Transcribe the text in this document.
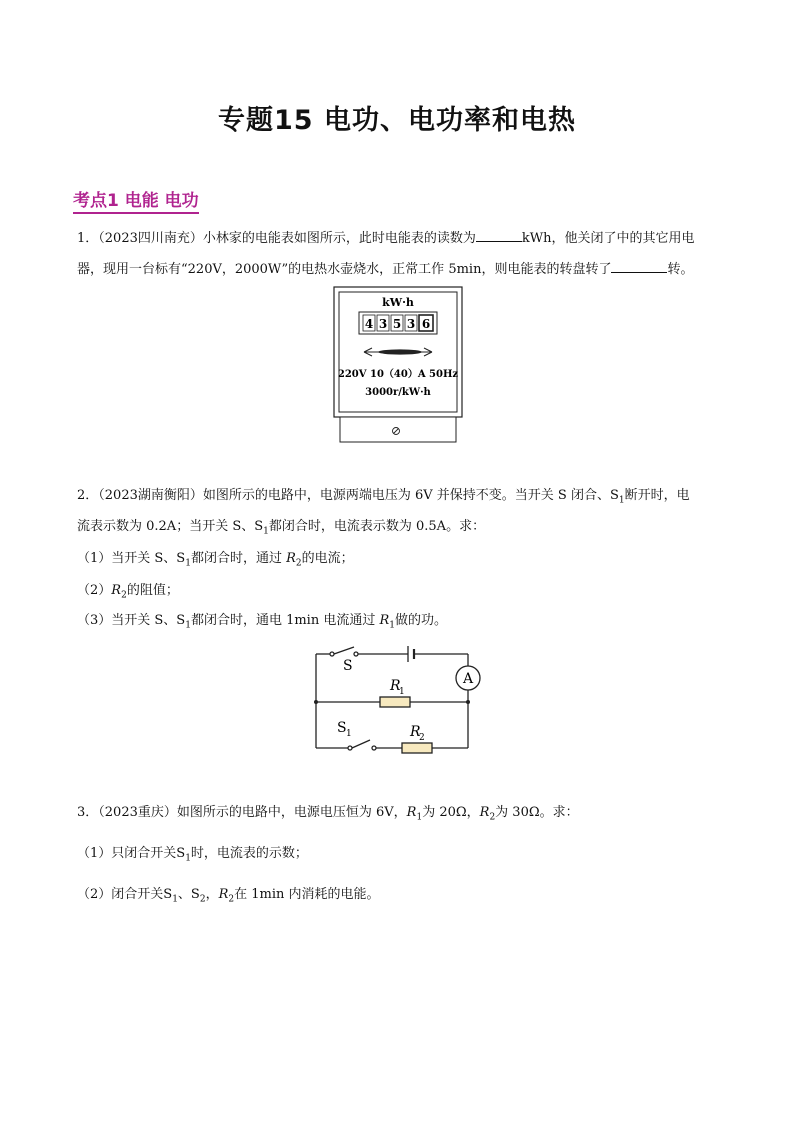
专题15 电功、电功率和电热
考点1 电能 电功
1．（2023四川南充）小林家的电能表如图所示，此时电能表的读数为	kWh，他关闭了中的其它用电
器，现用一台标有“220V，2000W”的电热水壶烧水，正常工作 5min，则电能表的转盘转了	转。
kW·h
4 3 5 3 6
220V 10（40）A 50Hz
3000r/kW·h
2．（2023湖南衡阳）如图所示的电路中，电源两端电压为 6V 并保持不变。当开关 S 闭合、$S_1$断开时，电
流表示数为 0.2A；当开关 S、$S_1$都闭合时，电流表示数为 0.5A。求：
（1）当开关 S、$S_1$都闭合时，通过 $R_2$的电流；
$(2)R_2$的阻值；
（3）当开关 S、$S_1$都闭合时，通电 1min 电流通过 $R_1$做的功。
S
A
R
1
S 1	R
2
3．（2023重庆）如图所示的电路中，电源电压恒为 6V，$R_1$为 20Ω，$R_2$为 30Ω。求：
（1）只闭合开关$S_1$时，电流表的示数；
（2）闭合开关$S_1$、$S_2$，$R_2$在 1min 内消耗的电能。
